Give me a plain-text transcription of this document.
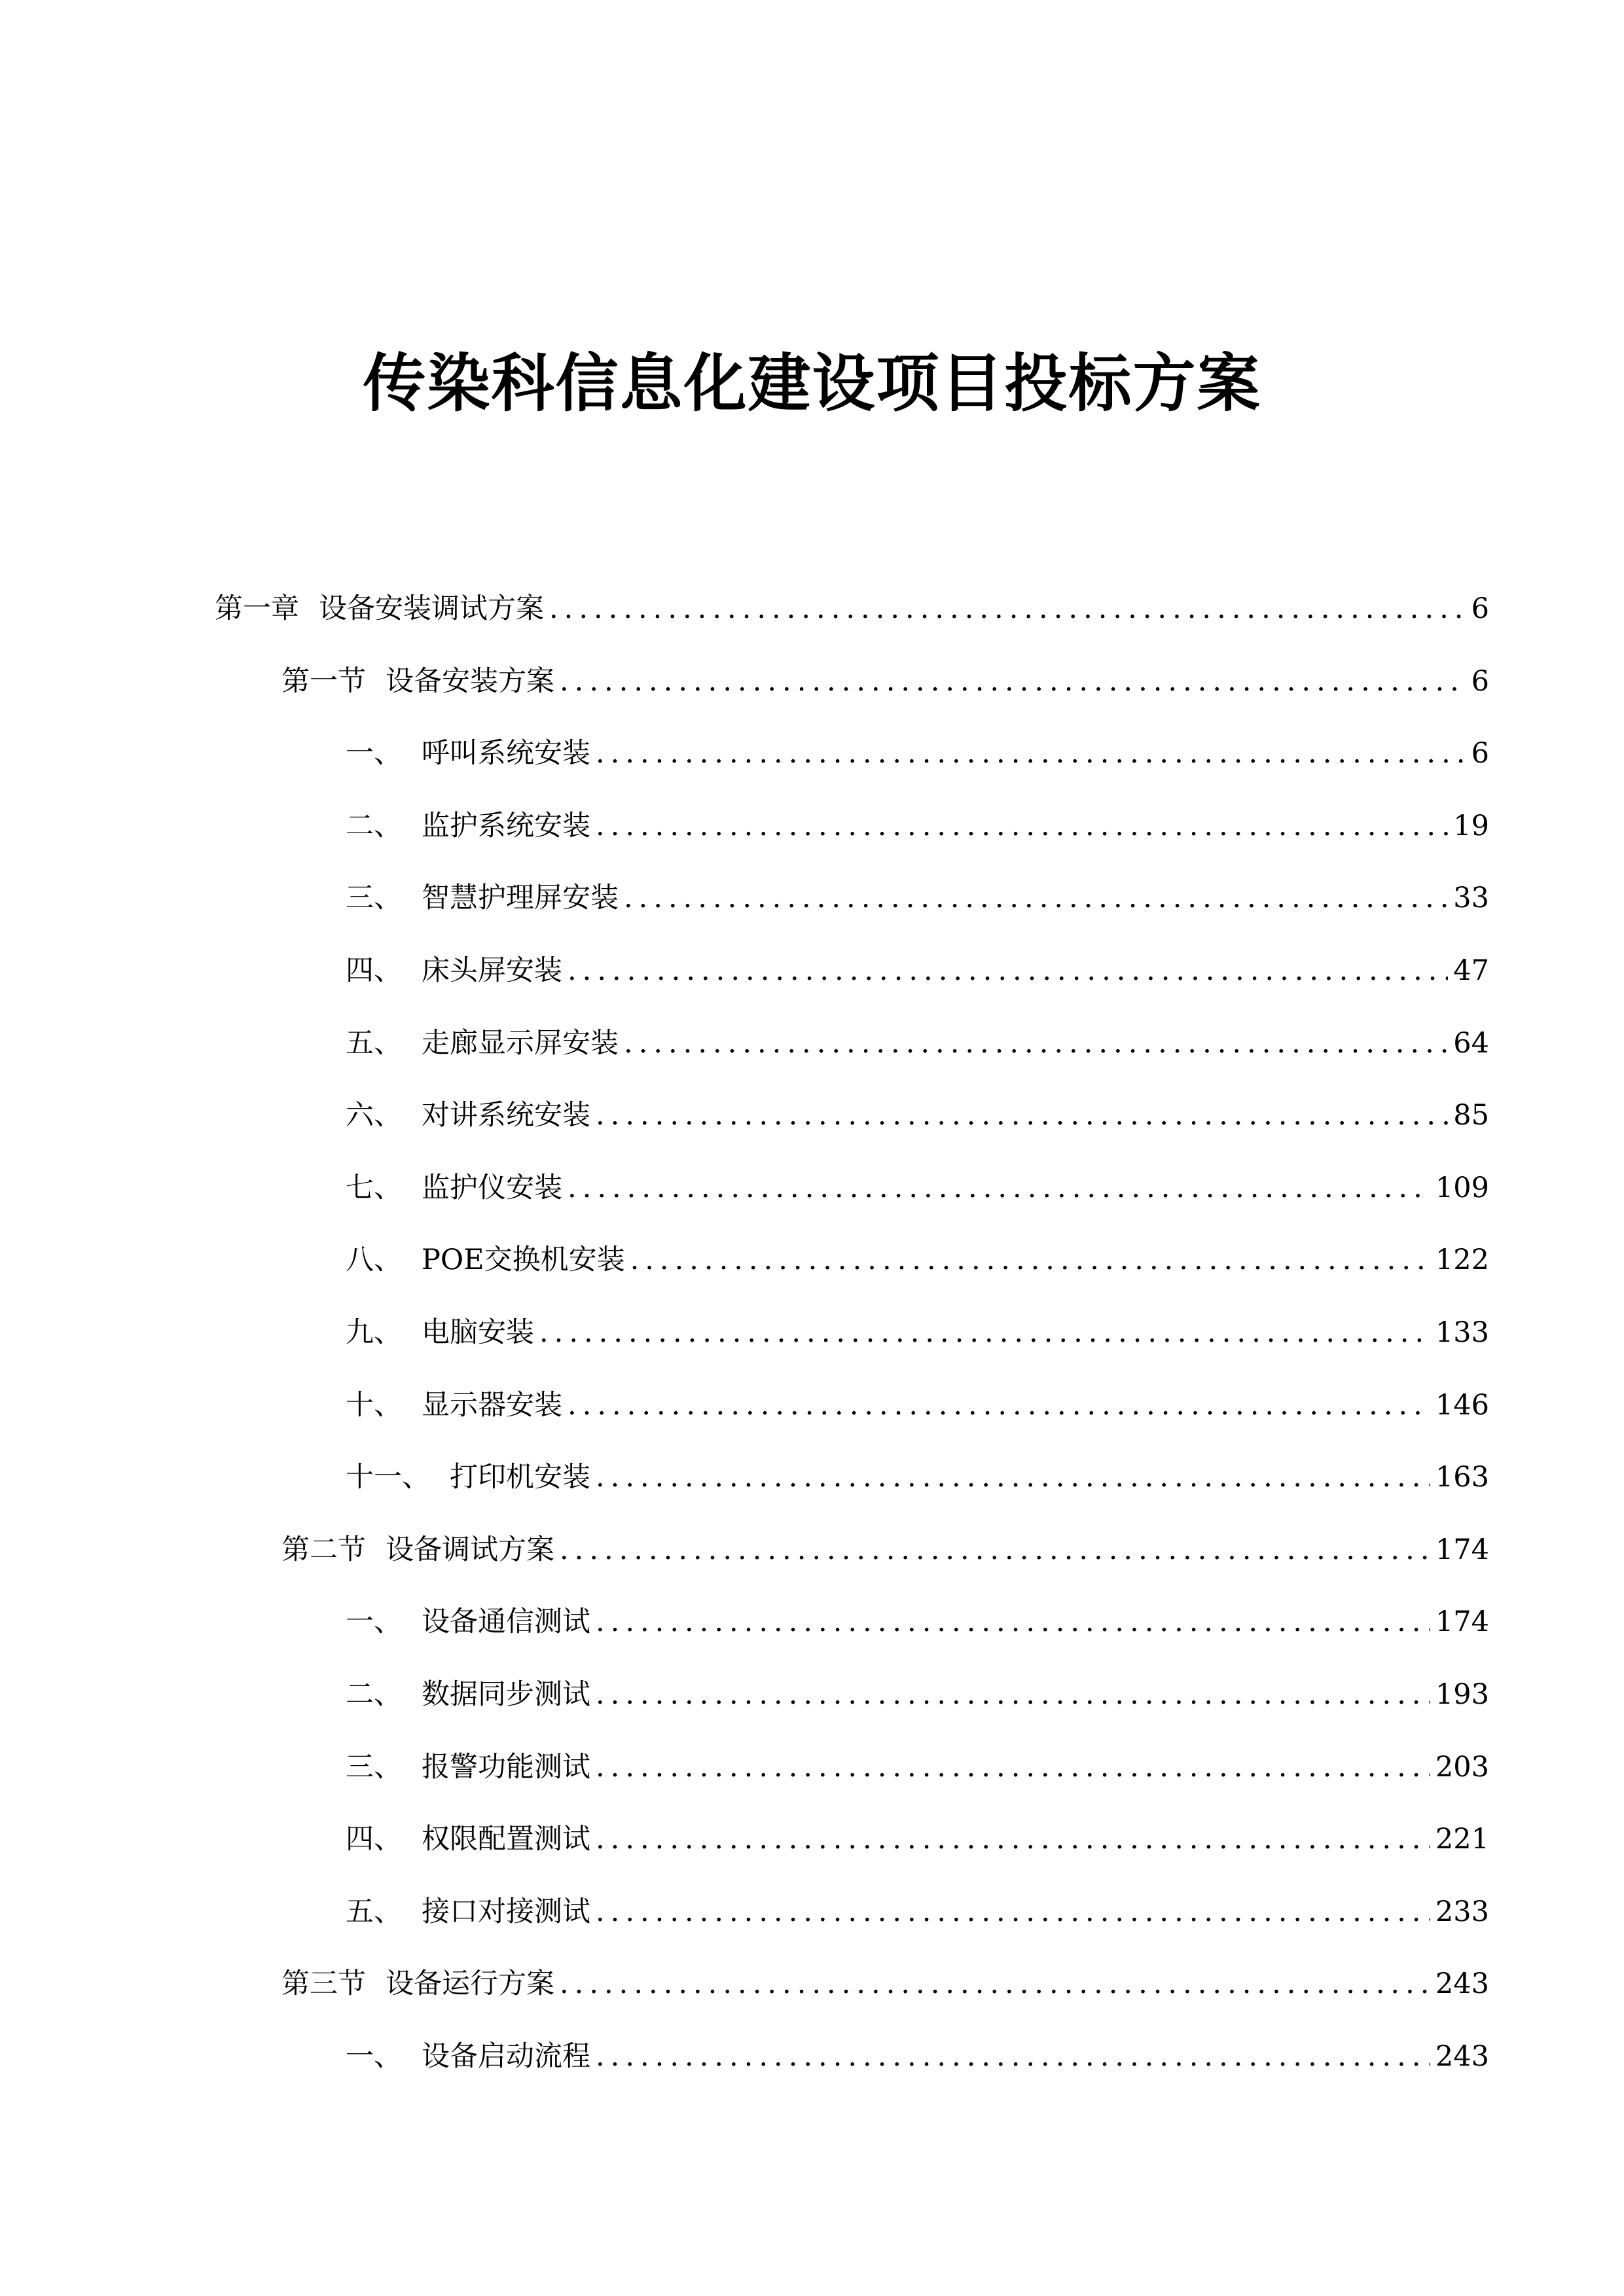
传染科信息化建设项目投标方案
第一章 设备安装调试方案 .....	6
第一节 设备安装方案 .....	6
一、 呼叫系统安装 .....	6
二、 监护系统安装 .....	19
三、 智慧护理屏安装 .....	33
四、 床头屏安装 .....	47
五、 走廊显示屏安装 .....	64
六、 对讲系统安装 .....	85
七、 监护仪安装 .....	109
八、 POE交换机安装 .....	122
九、 电脑安装 .....	133
十、 显示器安装 .....	146
十一、 打印机安装 .....	163
第二节 设备调试方案 .....	174
一、 设备通信测试 .....	174
二、 数据同步测试 .....	193
三、 报警功能测试 .....	203
四、 权限配置测试 .....	221
五、 接口对接测试 .....	233
第三节 设备运行方案 .....	243
一、 设备启动流程 .....	243
